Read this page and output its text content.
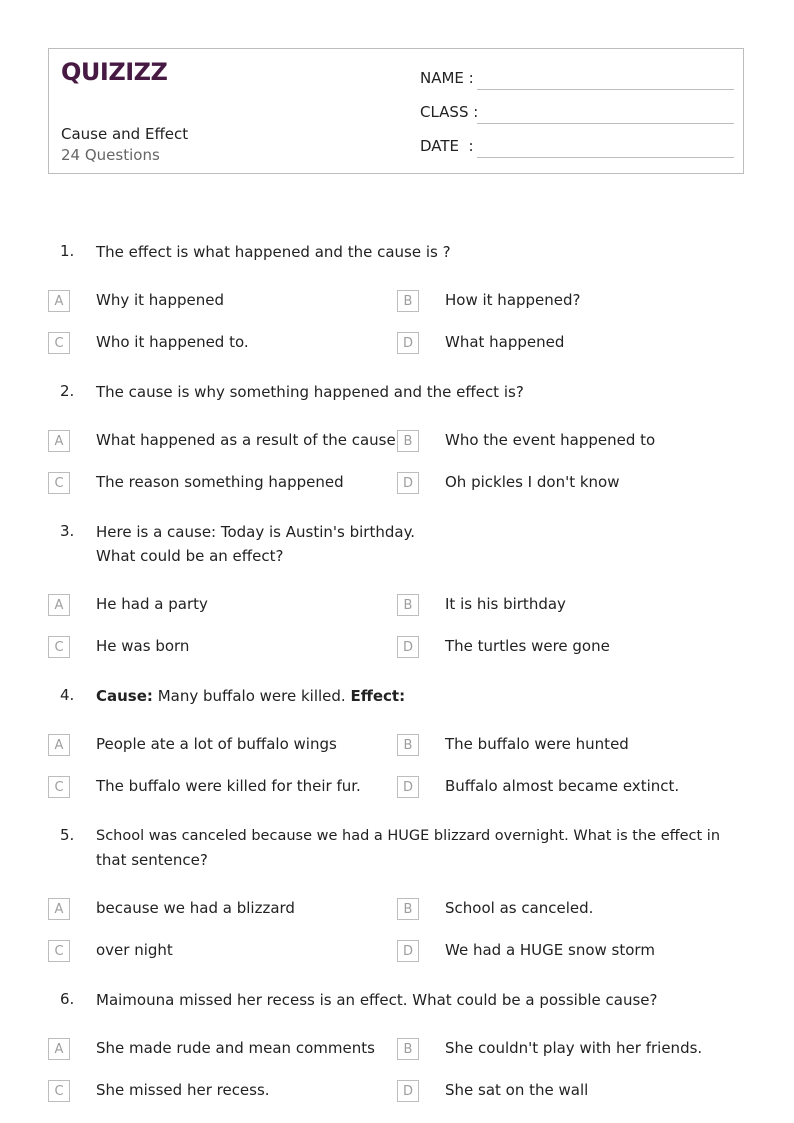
QUIZIZZ
Cause and Effect
24 Questions
NAME :
CLASS :
DATE  :
1. The effect is what happened and the cause is ?
A	Why it happened	B	How it happened?
C	Who it happened to.	D	What happened
2. The cause is why something happened and the effect is?
A	What happened as a result of the cause B	Who the event happened to
C	The reason something happened	D	Oh pickles I don't know
3. Here is a cause: Today is Austin's birthday.
What could be an effect?
A	He had a party	B	It is his birthday
C	He was born	D	The turtles were gone
4. Cause: Many buffalo were killed. Effect:
A	People ate a lot of buffalo wings	B	The buffalo were hunted
C	The buffalo were killed for their fur.	D	Buffalo almost became extinct.
5. School was canceled because we had a HUGE blizzard overnight. What is the effect in
that sentence?
A	because we had a blizzard	B	School as canceled.
C	over night	D	We had a HUGE snow storm
6. Maimouna missed her recess is an effect. What could be a possible cause?
A	She made rude and mean comments	B	She couldn't play with her friends.
C	She missed her recess.	D	She sat on the wall
